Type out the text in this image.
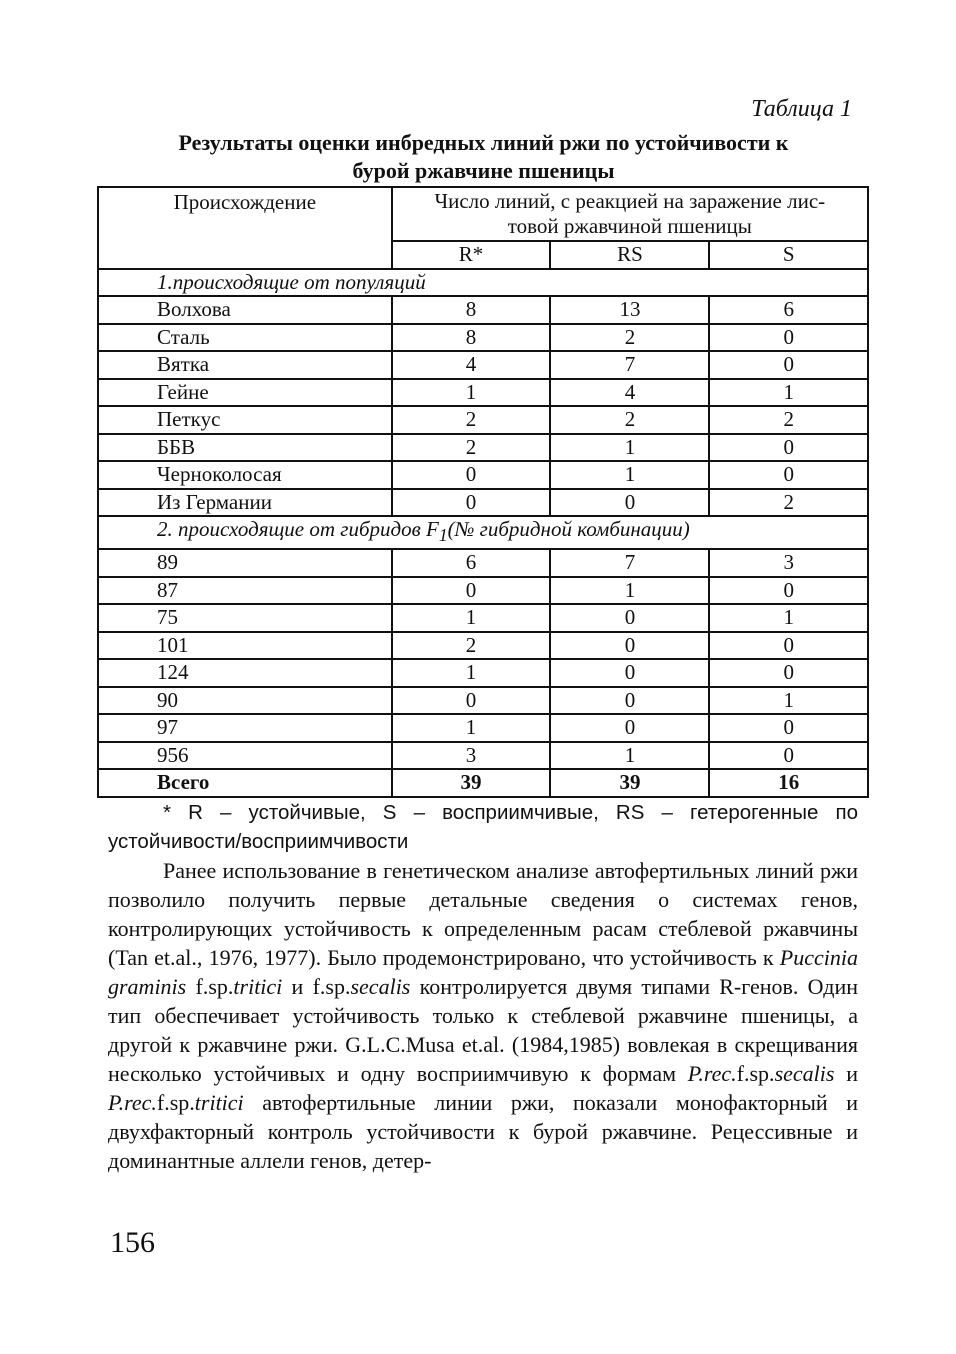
Таблица 1
Результаты оценки инбредных линий ржи по устойчивости к
бурой ржавчине пшеницы
Происхождение	Число линий, с реакцией на заражение лис-
товой ржавчиной пшеницы		

	R*	RS	S
1.происходящие от популяций			
Волхова	8	13	6
Сталь	8	2	0
Вятка	4	7	0
Гейне	1	4	1
Петкус	2	2	2
ББВ	2	1	0
Черноколосая	0	1	0
Из Германии	0	0	2
2. происходящие от гибридов $F_1(№$ гибридной комбинации)			
89	6	7	3
87	0	1	0
75	1	0	1
101	2	0	0
124	1	0	0
90	0	0	1
97	1	0	0
956	3	1	0
Всего	39	39	16
* R – устойчивые, S – восприимчивые, RS – гетерогенные по устойчивости/восприимчивости
Ранее использование в генетическом анализе автофертильных линий ржи позволило получить первые детальные сведения о системах генов, контролирующих устойчивость к определенным расам стеблевой ржавчины (Tan et.al., 1976, 1977). Было продемонстрировано, что устойчивость к Puccinia graminis f.sp.tritici и f.sp.secalis контролируется двумя типами R-генов. Один тип обеспечивает устойчивость только к стеблевой ржавчине пшеницы, а другой к ржавчине ржи. G.L.C.Musa et.al. (1984,1985) вовлекая в скрещивания несколько устойчивых и одну восприимчивую к формам P.rec.f.sp.secalis и P.rec.f.sp.tritici автофертильные линии ржи, показали монофакторный и двухфакторный контроль устойчивости к бурой ржавчине. Рецессивные и доминантные аллели генов, детер-
156
